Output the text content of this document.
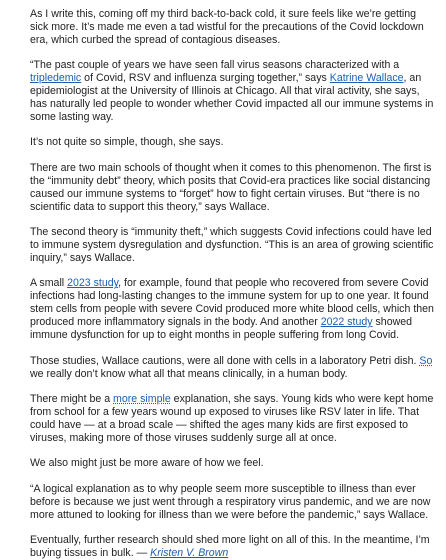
As I write this, coming off my third back-to-back cold, it sure feels like we’re getting sick more. It’s made me even a tad wistful for the precautions of the Covid lockdown era, which curbed the spread of contagious diseases.

“The past couple of years we have seen fall virus seasons characterized with a tripledemic of Covid, RSV and influenza surging together,” says Katrine Wallace, an epidemiologist at the University of Illinois at Chicago. All that viral activity, she says, has naturally led people to wonder whether Covid impacted all our immune systems in some lasting way.

It’s not quite so simple, though, she says.

There are two main schools of thought when it comes to this phenomenon. The first is the “immunity debt” theory, which posits that Covid-era practices like social distancing caused our immune systems to “forget” how to fight certain viruses. But “there is no scientific data to support this theory,” says Wallace.

The second theory is “immunity theft,” which suggests Covid infections could have led to immune system dysregulation and dysfunction. “This is an area of growing scientific inquiry,” says Wallace.

A small 2023 study, for example, found that people who recovered from severe Covid infections had long-lasting changes to the immune system for up to one year. It found stem cells from people with severe Covid produced more white blood cells, which then produced more inflammatory signals in the body. And another 2022 study showed immune dysfunction for up to eight months in people suffering from long Covid.

Those studies, Wallace cautions, were all done with cells in a laboratory Petri dish. So we really don’t know what all that means clinically, in a human body.

There might be a more simple explanation, she says. Young kids who were kept home from school for a few years wound up exposed to viruses like RSV later in life. That could have — at a broad scale — shifted the ages many kids are first exposed to viruses, making more of those viruses suddenly surge all at once.

We also might just be more aware of how we feel.

“A logical explanation as to why people seem more susceptible to illness than ever before is because we just went through a respiratory virus pandemic, and we are now more attuned to looking for illness than we were before the pandemic,” says Wallace.

Eventually, further research should shed more light on all of this. In the meantime, I’m buying tissues in bulk. — Kristen V. Brown
